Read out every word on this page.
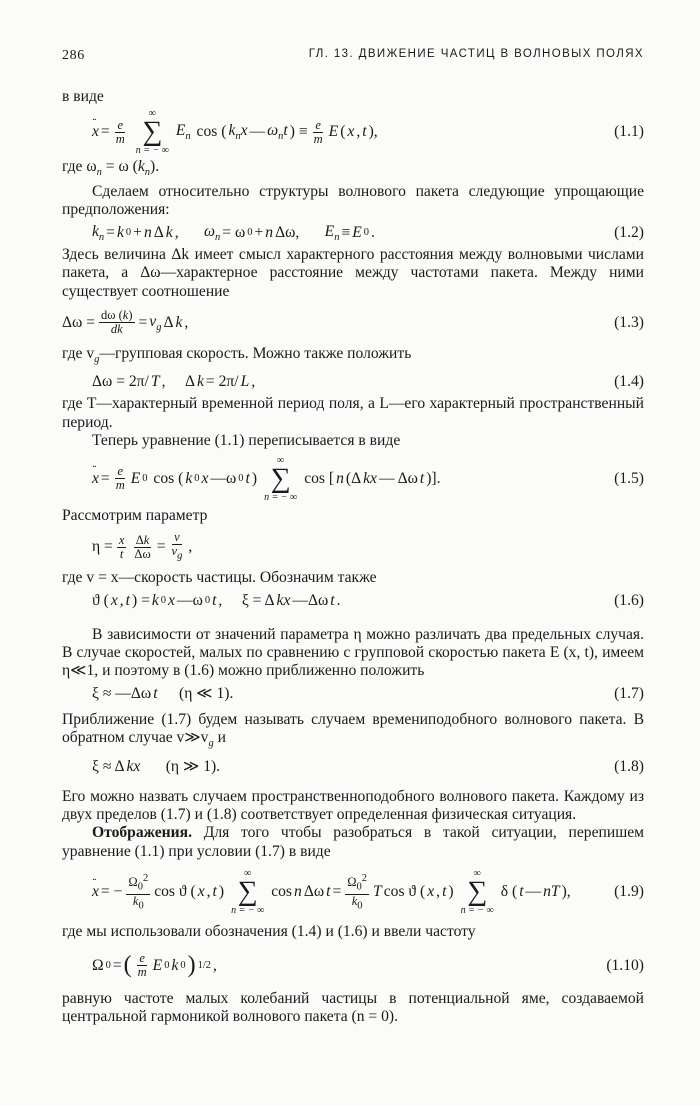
286	ГЛ. 13. ДВИЖЕНИЕ ЧАСТИЦ В ВОЛНОВЫХ ПОЛЯХ

в виде

·· $x = \frac{e}{m}$
∞
∑
n = − ∞
$E_n$ cos ( $k_nx$ — $\omega_nt$ ) ≡ $\frac{e}{m}$ E ( x , t ),	(1.1)

где $\omega_n = \omega$ $(k_n)$.

Сделаем относительно структуры волнового пакета следующие упрощающие предположения:

$k_n = k$ 0 + n Δ k , $\omega_n = \omega$ 0 + n Δω, $E_n \equiv E$ 0 .	(1.2)

Здесь величина Δk имеет смысл характерного расстояния между волновыми числами пакета, а Δω—характерное расстояние между частотами пакета. Между ними существует соотношение

$\Delta\omega = \frac{d\omega (k)}{dk} = v_g$ Δ k ,	(1.3)

где $v_g—групповая$ скорость. Можно также положить

Δω = 2π/ T ,     Δ k = 2π/ L ,	(1.4)

где T—характерный временной период поля, а L—его характерный пространственный период.

Теперь уравнение (1.1) переписывается в виде

·· $x = \frac{e}{m}$ E 0 cos ( k 0 x —ω 0 t )
∞
∑
n = − ∞
cos [ n (Δ kx — Δω t )].	(1.5)

Рассмотрим параметр

$\eta = \frac{x}{t} \frac{\Delta k}{\Delta\omega} = \frac{v}{v_g}$ ,

где v = x—скорость частицы. Обозначим также

ϑ ( x , t ) = k 0 x —ω 0 t ,     ξ = Δ kx —Δω t .	(1.6)

В зависимости от значений параметра η можно различать два предельных случая. В случае скоростей, малых по сравнению с групповой скоростью пакета E (x, t), имеем η≪1, и поэтому в (1.6) можно приближенно положить

ξ ≈ —Δω t (η ≪ 1).	(1.7)

Приближение (1.7) будем называть случаем времениподобного волнового пакета. В обратном случае $v≫v_g$ и

ξ ≈ Δ kx (η ≫ 1).	(1.8)

Его можно назвать случаем пространственноподобного волнового пакета. Каждому из двух пределов (1.7) и (1.8) соответствует определенная физическая ситуация.

Отображения. Для того чтобы разобраться в такой ситуации, перепишем уравнение (1.1) при условии (1.7) в виде

·· x = − $\frac{\Omega_0^2}{k_0}$ cos ϑ ( x , t )
∞
∑
n = − ∞
cos n Δω $t = \frac{\Omega_0^2}{k_0}$ T cos ϑ ( x , t )
∞
∑
n = − ∞
δ ( t — nT ),	(1.9)

где мы использовали обозначения (1.4) и (1.6) и ввели частоту

Ω 0 = ( $\frac{e}{m}$ E 0 k 0 ) 1/2 ,	(1.10)

равную частоте малых колебаний частицы в потенциальной яме, создаваемой центральной гармоникой волнового пакета (n = 0).
